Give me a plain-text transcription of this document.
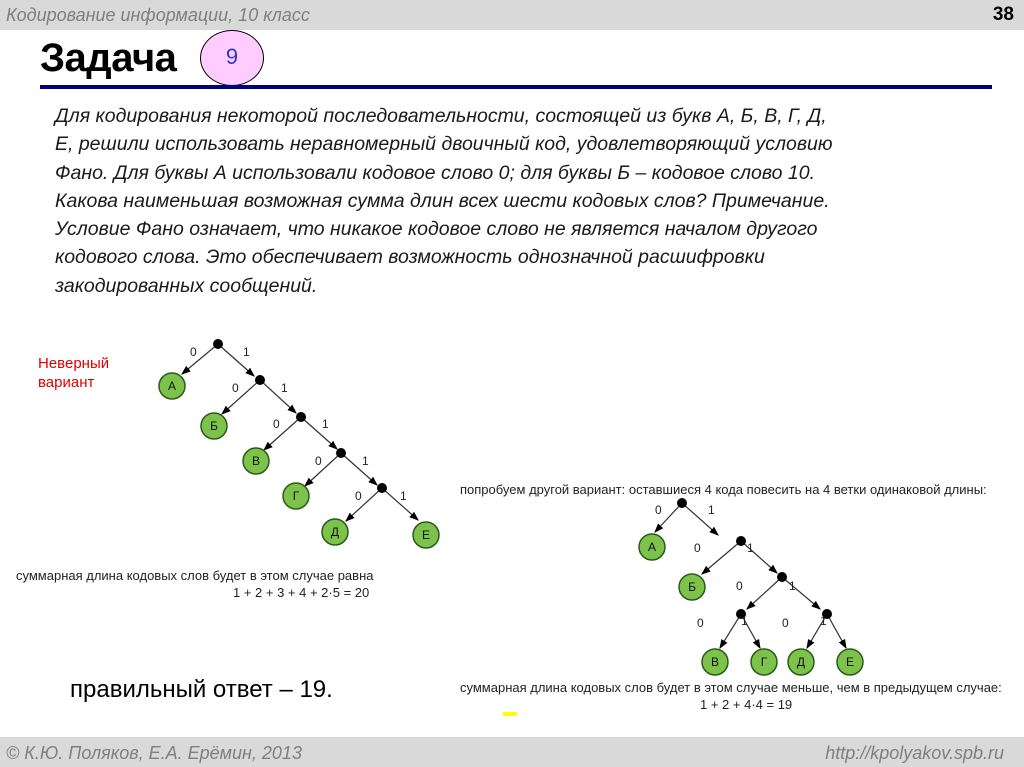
Кодирование информации, 10 класс	38
Задача	9
Для кодирования некоторой последовательности, состоящей из букв А, Б, В, Г, Д,
Е, решили использовать неравномерный двоичный код, удовлетворяющий условию
Фано. Для буквы А использовали кодовое слово 0; для буквы Б – кодовое слово 10.
Какова наименьшая возможная сумма длин всех шести кодовых слов? Примечание.
Условие Фано означает, что никакое кодовое слово не является началом другого
кодового слова. Это обеспечивает возможность однозначной расшифровки
закодированных сообщений.
Неверный
вариант
0	1
0	1
0	1
0	1
0	1
А
Б
В
Г
Д	Е
0	1
0	1
0	1
0	1	0	1
А
Б
В	Г Д	Е
суммарная длина кодовых слов будет в этом случае равна
1 + 2 + 3 + 4 + 2·5 = 20
попробуем другой вариант: оставшиеся 4 кода повесить на 4 ветки одинаковой длины:
суммарная длина кодовых слов будет в этом случае меньше, чем в предыдущем случае:
1 + 2 + 4·4 = 19
правильный ответ – 19.
© К.Ю. Поляков, Е.А. Ерёмин, 2013	http://kpolyakov.spb.ru
